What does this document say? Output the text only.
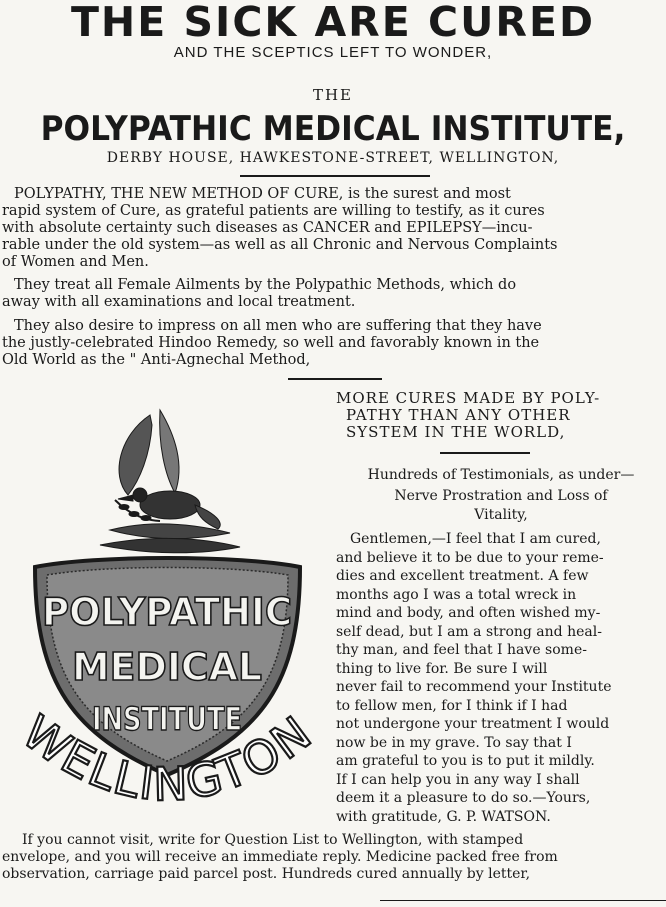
THE SICK ARE CURED
AND THE SCEPTICS LEFT TO WONDER,
THE
POLYPATHIC MEDICAL INSTITUTE,
DERBY HOUSE, HAWKESTONE-STREET, WELLINGTON,
POLYPATHY, THE NEW METHOD OF CURE, is the surest and most
rapid system of Cure, as grateful patients are willing to testify, as it cures
with absolute certainty such diseases as CANCER and EPILEPSY—incu-
rable under the old system—as well as all Chronic and Nervous Complaints
of Women and Men.
They treat all Female Ailments by the Polypathic Methods, which do
away with all examinations and local treatment.
They also desire to impress on all men who are suffering that they have
the justly-celebrated Hindoo Remedy, so well and favorably known in the
Old World as the " Anti-Agnechal Method,
MORE CURES MADE BY POLY-
PATHY THAN ANY OTHER
SYSTEM IN THE WORLD,
Hundreds of Testimonials, as under—
Nerve Prostration and Loss of
Vitality,
Gentlemen,—I feel that I am cured,
and believe it to be due to your reme-
dies and excellent treatment. A few
months ago I was a total wreck in
mind and body, and often wished my-
self dead, but I am a strong and heal-
thy man, and feel that I have some-
thing to live for. Be sure I will
never fail to recommend your Institute
to fellow men, for I think if I had
not undergone your treatment I would
now be in my grave. To say that I
am grateful to you is to put it mildly.
If I can help you in any way I shall
deem it a pleasure to do so.—Yours,
with gratitude, G. P. WATSON.
POLYPATHIC
MEDICAL
INSTITUTE
WELLINGTON
If you cannot visit, write for Question List to Wellington, with stamped
envelope, and you will receive an immediate reply. Medicine packed free from
observation, carriage paid parcel post. Hundreds cured annually by letter,
